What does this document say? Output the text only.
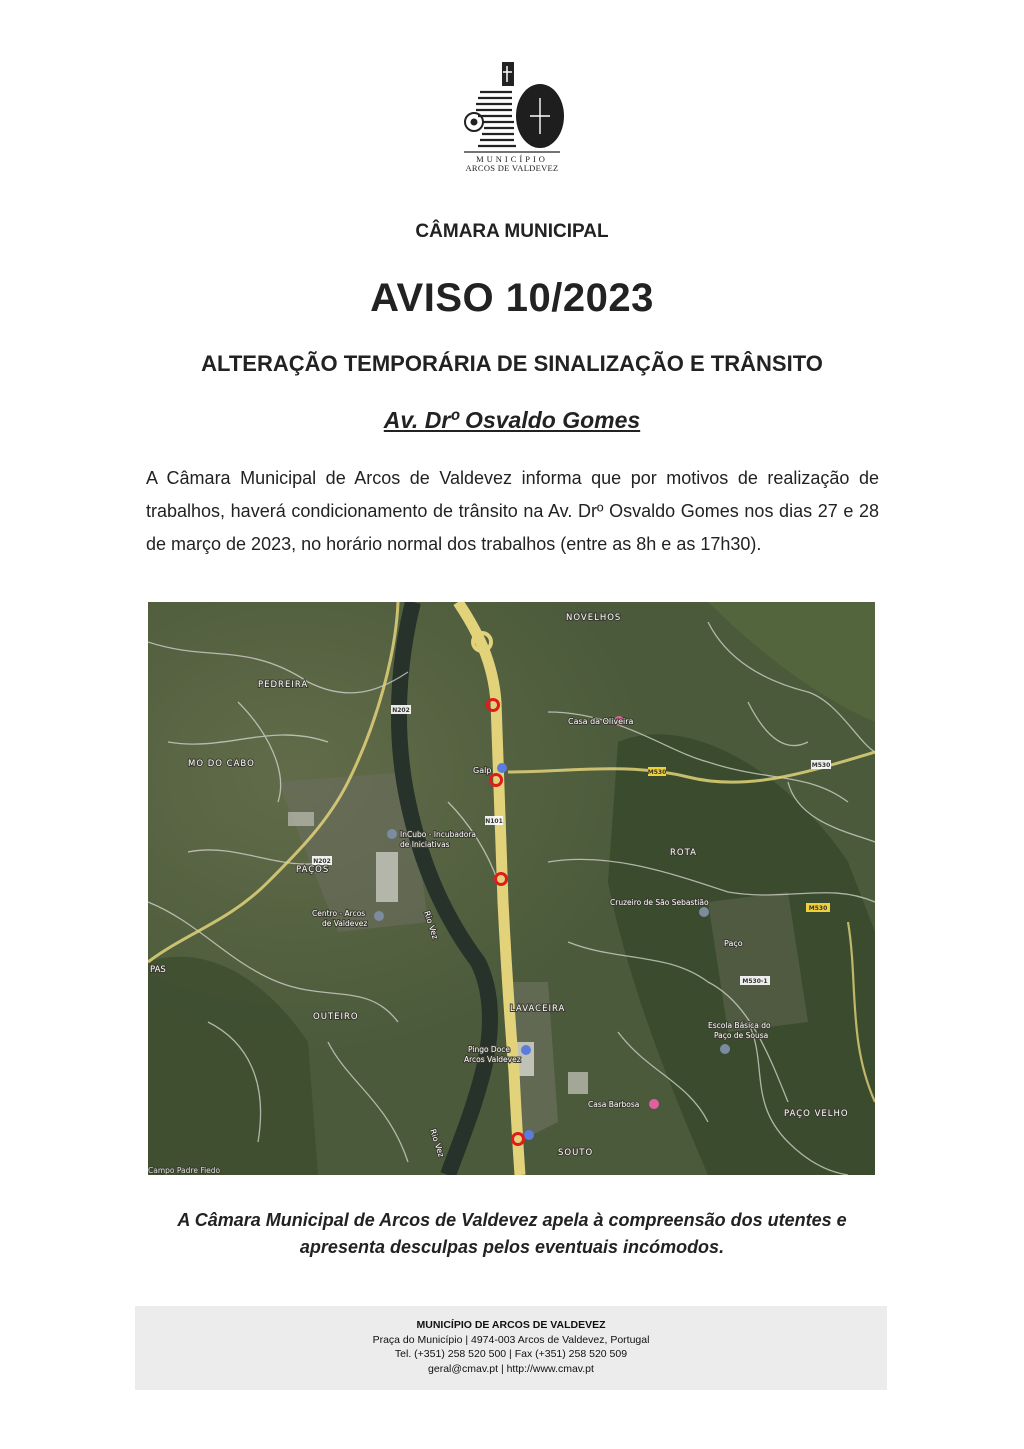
MUNICÍPIO
ARCOS DE VALDEVEZ
CÂMARA MUNICIPAL
AVISO 10/2023
ALTERAÇÃO TEMPORÁRIA DE SINALIZAÇÃO E TRÂNSITO
Av. Drº Osvaldo Gomes

A Câmara Municipal de Arcos de Valdevez informa que por motivos de realização de trabalhos, haverá condicionamento de trânsito na Av. Drº Osvaldo Gomes nos dias 27 e 28 de março de 2023, no horário normal dos trabalhos (entre as 8h e as 17h30).

NOVELHOS
PEDREIRA
Casa da Oliveira
MO DO CABO
Galp
InCubo - Incubadora
de Iniciativas
ROTA
PAÇOS
Cruzeiro de São Sebastião
Centro - Arcos
de Valdevez
Paço
PAS
LAVACEIRA
OUTEIRO
Escola Básica do
Paço de Sousa
Pingo Doce
Arcos Valdevez
Casa Barbosa
PAÇO VELHO
SOUTO
Campo Padre Fiedo
Rio Vez
Rio Vez
N202
M530
M530
N101
N202
M530
M530-1

A Câmara Municipal de Arcos de Valdevez apela à compreensão dos utentes e
apresenta desculpas pelos eventuais incómodos.

MUNICÍPIO DE ARCOS DE VALDEVEZ
Praça do Município | 4974-003 Arcos de Valdevez, Portugal
Tel. (+351) 258 520 500 | Fax (+351) 258 520 509
geral@cmav.pt | http://www.cmav.pt
